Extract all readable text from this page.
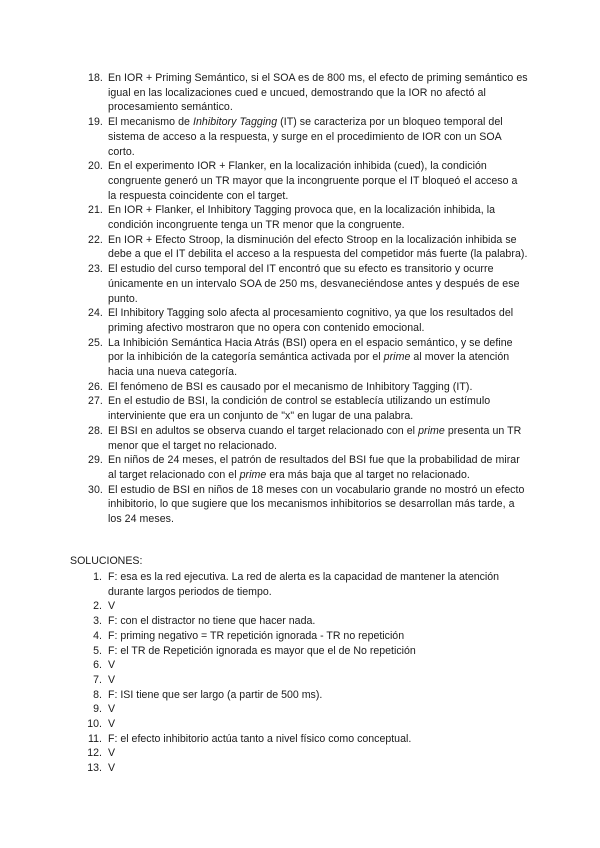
18. En IOR + Priming Semántico, si el SOA es de 800 ms, el efecto de priming semántico es igual en las localizaciones cued e uncued, demostrando que la IOR no afectó al procesamiento semántico.
19. El mecanismo de Inhibitory Tagging (IT) se caracteriza por un bloqueo temporal del sistema de acceso a la respuesta, y surge en el procedimiento de IOR con un SOA corto.
20. En el experimento IOR + Flanker, en la localización inhibida (cued), la condición congruente generó un TR mayor que la incongruente porque el IT bloqueó el acceso a la respuesta coincidente con el target.
21. En IOR + Flanker, el Inhibitory Tagging provoca que, en la localización inhibida, la condición incongruente tenga un TR menor que la congruente.
22. En IOR + Efecto Stroop, la disminución del efecto Stroop en la localización inhibida se debe a que el IT debilita el acceso a la respuesta del competidor más fuerte (la palabra).
23. El estudio del curso temporal del IT encontró que su efecto es transitorio y ocurre únicamente en un intervalo SOA de 250 ms, desvaneciéndose antes y después de ese punto.
24. El Inhibitory Tagging solo afecta al procesamiento cognitivo, ya que los resultados del priming afectivo mostraron que no opera con contenido emocional.
25. La Inhibición Semántica Hacia Atrás (BSI) opera en el espacio semántico, y se define por la inhibición de la categoría semántica activada por el prime al mover la atención hacia una nueva categoría.
26. El fenómeno de BSI es causado por el mecanismo de Inhibitory Tagging (IT).
27. En el estudio de BSI, la condición de control se establecía utilizando un estímulo interviniente que era un conjunto de "x" en lugar de una palabra.
28. El BSI en adultos se observa cuando el target relacionado con el prime presenta un TR menor que el target no relacionado.
29. En niños de 24 meses, el patrón de resultados del BSI fue que la probabilidad de mirar al target relacionado con el prime era más baja que al target no relacionado.
30. El estudio de BSI en niños de 18 meses con un vocabulario grande no mostró un efecto inhibitorio, lo que sugiere que los mecanismos inhibitorios se desarrollan más tarde, a los 24 meses.
SOLUCIONES:
1. F: esa es la red ejecutiva. La red de alerta es la capacidad de mantener la atención durante largos periodos de tiempo.
2. V
3. F: con el distractor no tiene que hacer nada.
4. F: priming negativo = TR repetición ignorada - TR no repetición
5. F: el TR de Repetición ignorada es mayor que el de No repetición
6. V
7. V
8. F: ISI tiene que ser largo (a partir de 500 ms).
9. V
10. V
11. F: el efecto inhibitorio actúa tanto a nivel físico como conceptual.
12. V
13. V
